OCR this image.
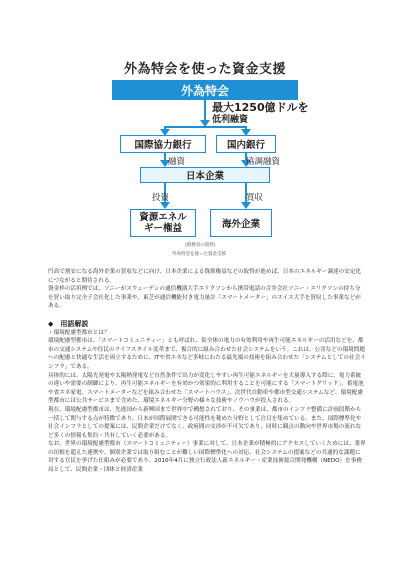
外為特会を使った資金支援
外為特会
最大1250億ドルを
低利融資
国際協力銀行	国内銀行
融資	協調融資
日本企業
投資	買収
資源エネルギー権益	海外企業
(財務省の資料)
外為特会を使った資金支援

円高で割安になる海外企業の買収などに向け、日本企業による資源権益などの取得が進めば、日本のエネルギー調達の安定化につながると期待される。

資金枠の活用例では、ソニーがスウェーデンの通信機器大手エリクソンから携帯電話の合弁会社ソニー・エリクソンの持ち分を買い取り完全子会社化した事業や、東芝が通信機能付き電力量計「スマートメーター」のスイス大手を買収した事業などがある。

◆　用語解説

・環境配慮型都市とは？

環境配慮型都市は、「スマートコミュニティー」とも呼ばれ、街全体の電力の有効利用や再生可能エネルギーの活用などを、都市の交通システムや住民のライフスタイル変革まで、複合的に組み合わせた社会システムをいう。これは、公害などの環境問題への配慮と快適な生活を両立するために、ITや省エネなど多岐にわたる最先端の技術を組み合わせた「システムとしての社会インフラ」である。

具体的には、太陽光発電や太陽熱発電など自然条件で出力が変化しやすい再生可能エネルギーを大量導入する際に、電力系統の違いや需要の制御により、再生可能エネルギーを有効かつ効果的に利用することを可能にする「スマートグリッド」、蓄電池や省エネ家電、スマートメーターなどを組み合わせた「スマートハウス」、次世代自動車や都市型交通システムなど、環境配慮型都市には公共サービスまで含めた、環境エネルギー分野の様々な技術やノウハウが投入される。

現在、環境配慮型都市は、先進国から新興国まで世界中で構想されており、その事業は、都市のインフラ整備に計画段階から一括して関与する点が特徴であり、日本が国際展開できる可能性を秘めた分野として注目を集めている。また、国際標準化や社会インフラとしての提案には、民間企業だけでなく、政府間の交渉が不可欠であり、同時に観点の動向や世界市場の流れなど多くの情報も集約・共有していく必要がある。

なお、世界の環境配慮型都市（スマートコミュニティー）事業に対して、日本企業が積極的にアクセスしていくためには、業界の垣根を超えた連携や、個別企業では取り組むことが難しい国際標準化への対応、社会システムの提案などの共通的な課題に対する官民を挙げた仕組みが必要であり、2010年4月に独立行政法人新エネルギー・産業技術総合開発機構（NEDO）を事務局として、民間企業・団体と経済産業
